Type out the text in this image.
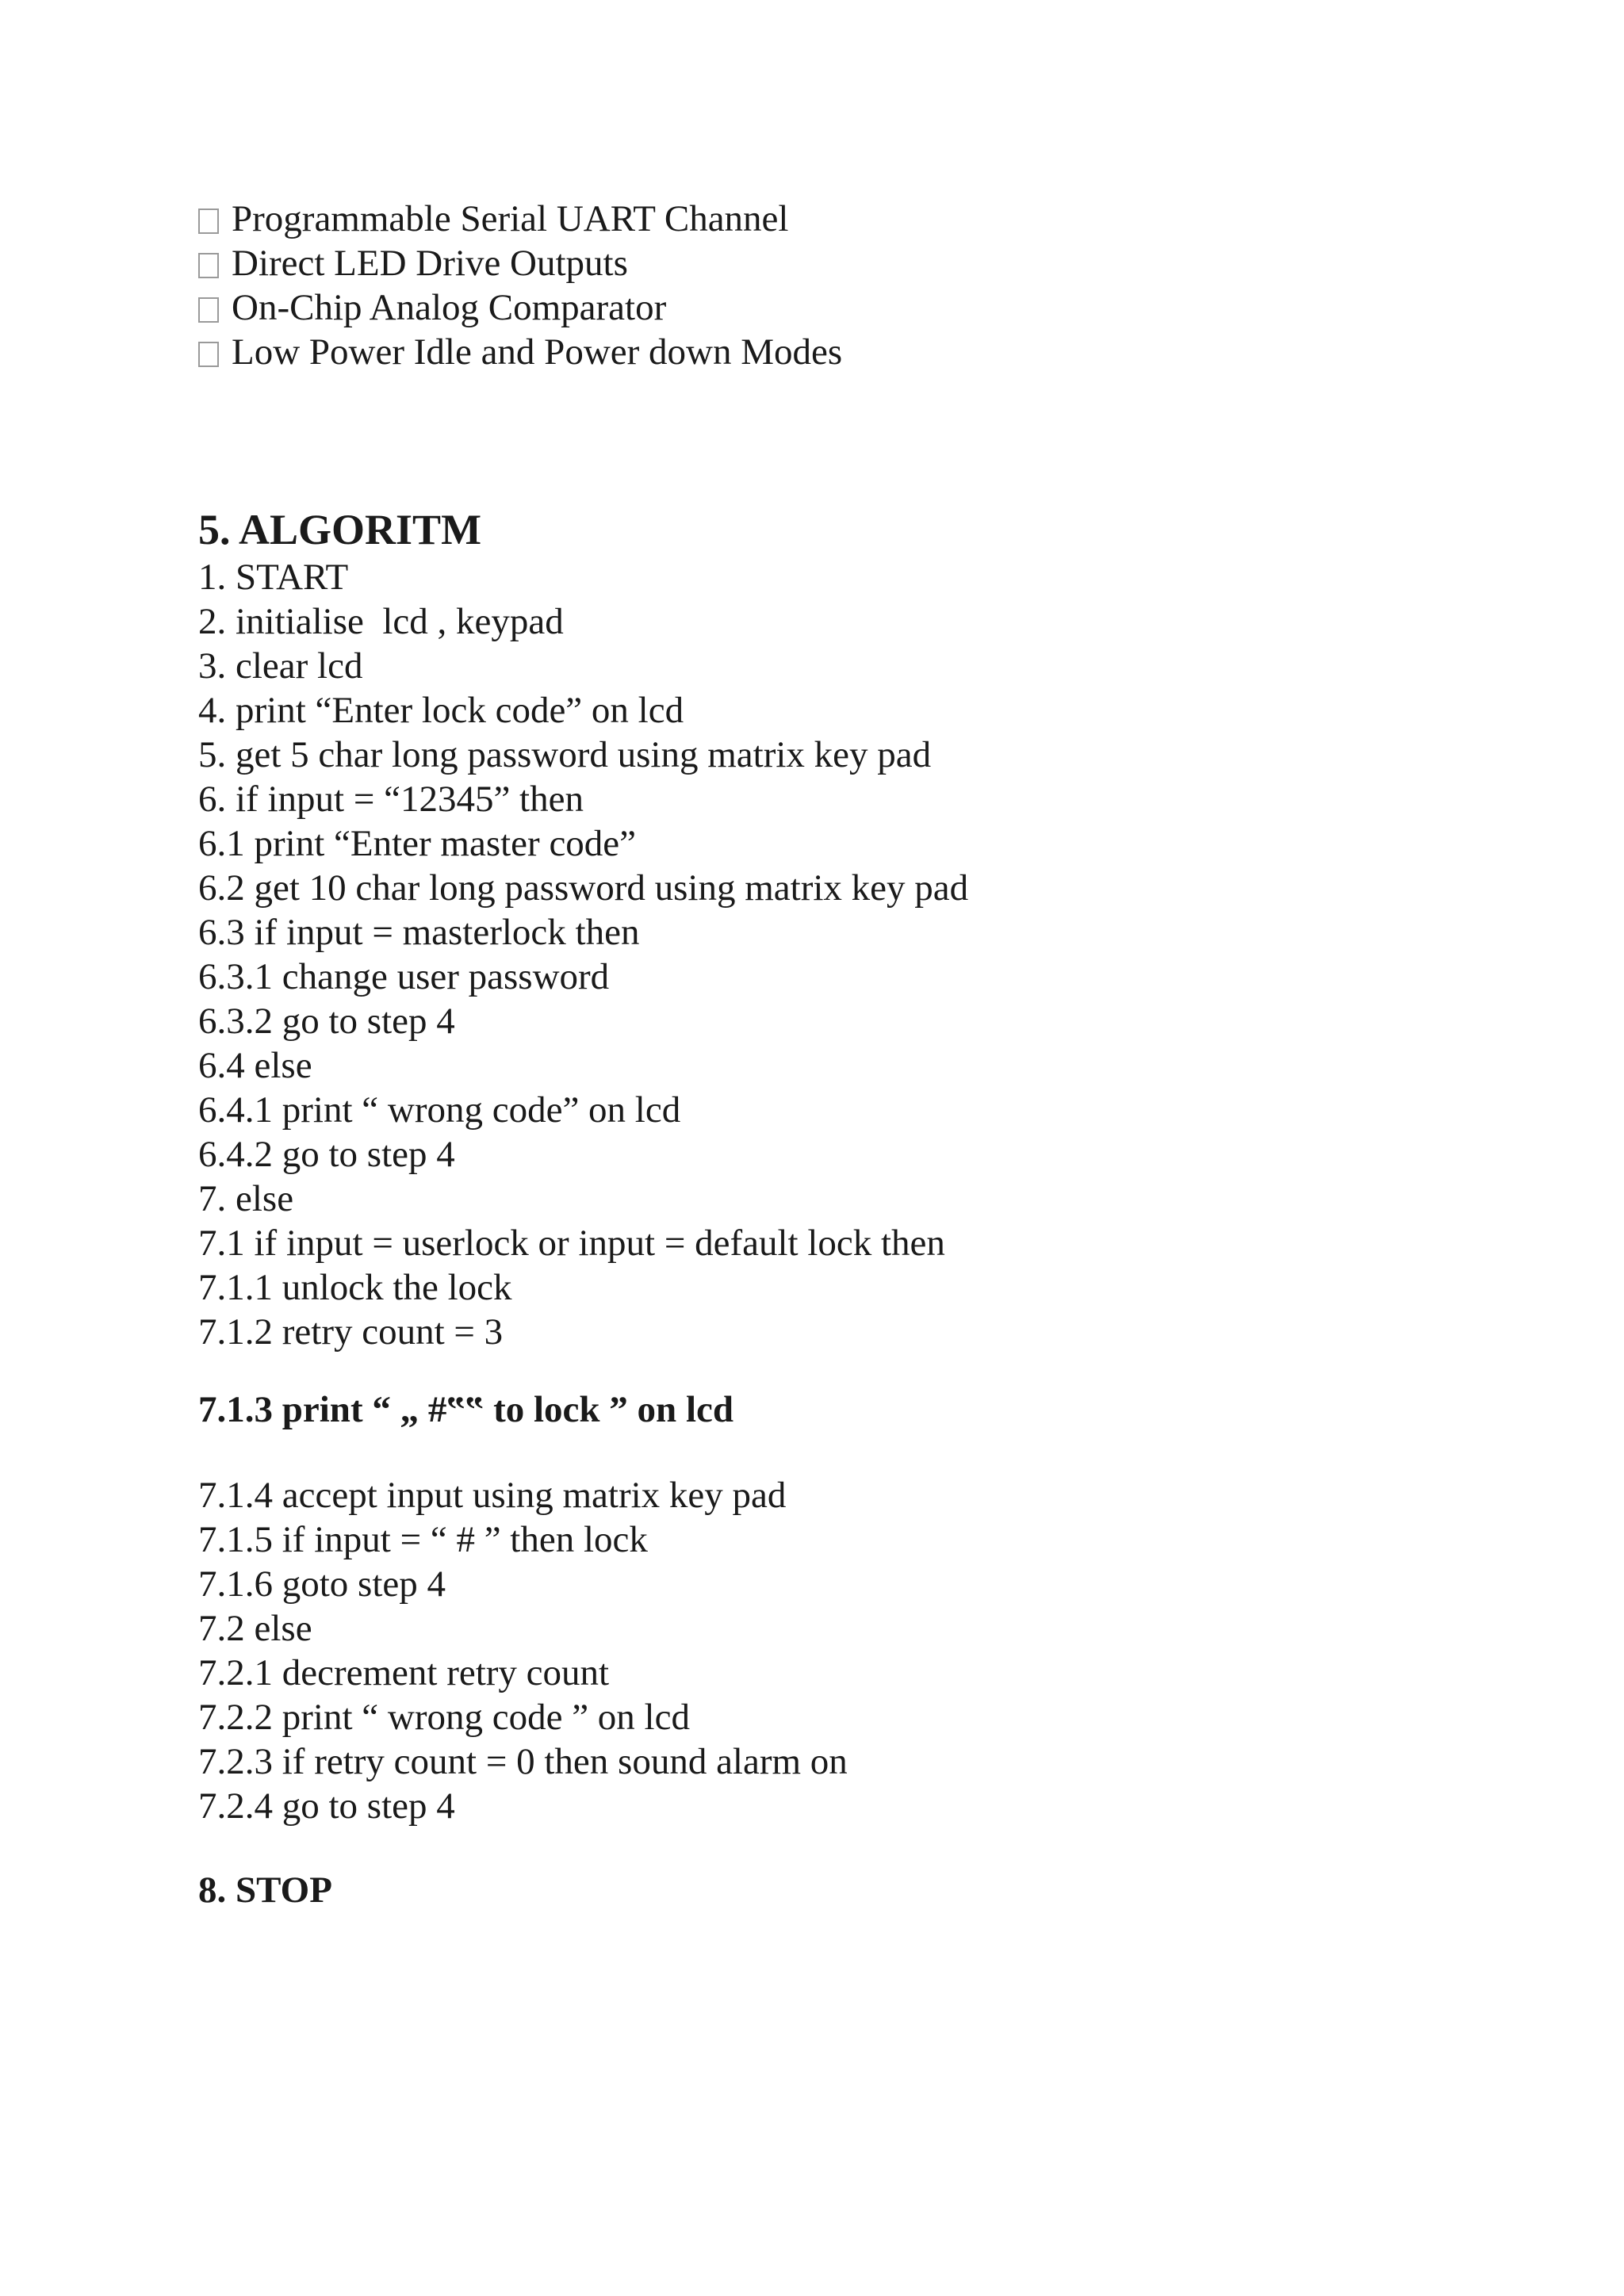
Programmable Serial UART Channel
Direct LED Drive Outputs
On-Chip Analog Comparator
Low Power Idle and Power down Modes
5. ALGORITM
1. START
2. initialise  lcd , keypad
3. clear lcd
4. print “Enter lock code” on lcd
5. get 5 char long password using matrix key pad
6. if input = “12345” then
6.1 print “Enter master code”
6.2 get 10 char long password using matrix key pad
6.3 if input = masterlock then
6.3.1 change user password
6.3.2 go to step 4
6.4 else
6.4.1 print “ wrong code” on lcd
6.4.2 go to step 4
7. else
7.1 if input = userlock or input = default lock then
7.1.1 unlock the lock
7.1.2 retry count = 3
7.1.3 print “ „ #‟‟ to lock ” on lcd
7.1.4 accept input using matrix key pad
7.1.5 if input = “ # ” then lock
7.1.6 goto step 4
7.2 else
7.2.1 decrement retry count
7.2.2 print “ wrong code ” on lcd
7.2.3 if retry count = 0 then sound alarm on
7.2.4 go to step 4
8. STOP
